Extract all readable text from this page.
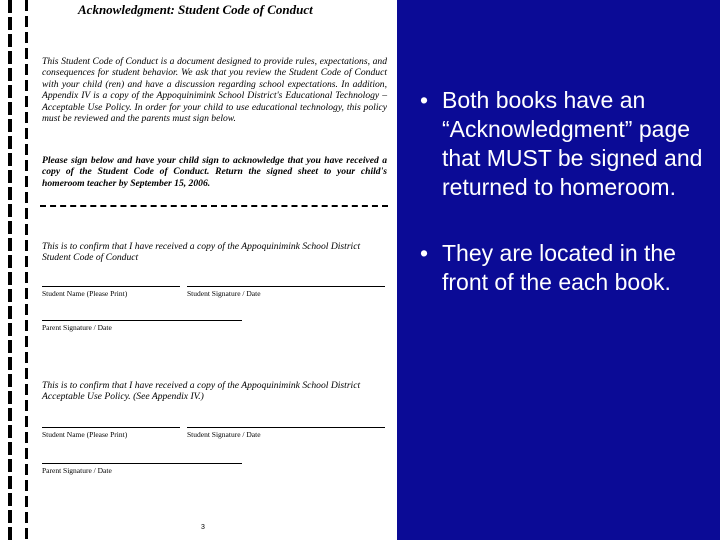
Acknowledgment: Student Code of Conduct

This Student Code of Conduct is a document designed to provide rules, expectations, and consequences for student behavior. We ask that you review the Student Code of Conduct with your child (ren) and have a discussion regarding school expectations. In addition, Appendix IV is a copy of the Appoquinimink School District's Educational Technology – Acceptable Use Policy. In order for your child to use educational technology, this policy must be reviewed and the parents must sign below.

Please sign below and have your child sign to acknowledge that you have received a copy of the Student Code of Conduct. Return the signed sheet to your child's homeroom teacher by September 15, 2006.

This is to confirm that I have received a copy of the Appoquinimink School District Student Code of Conduct

Student Name (Please Print)	Student Signature / Date
Parent Signature / Date

This is to confirm that I have received a copy of the Appoquinimink School District Acceptable Use Policy. (See Appendix IV.)

Student Name (Please Print)	Student Signature / Date
Parent Signature / Date
3
• Both books have an “Acknowledgment” page that MUST be signed and returned to homeroom.
• They are located in the front of the each book.
